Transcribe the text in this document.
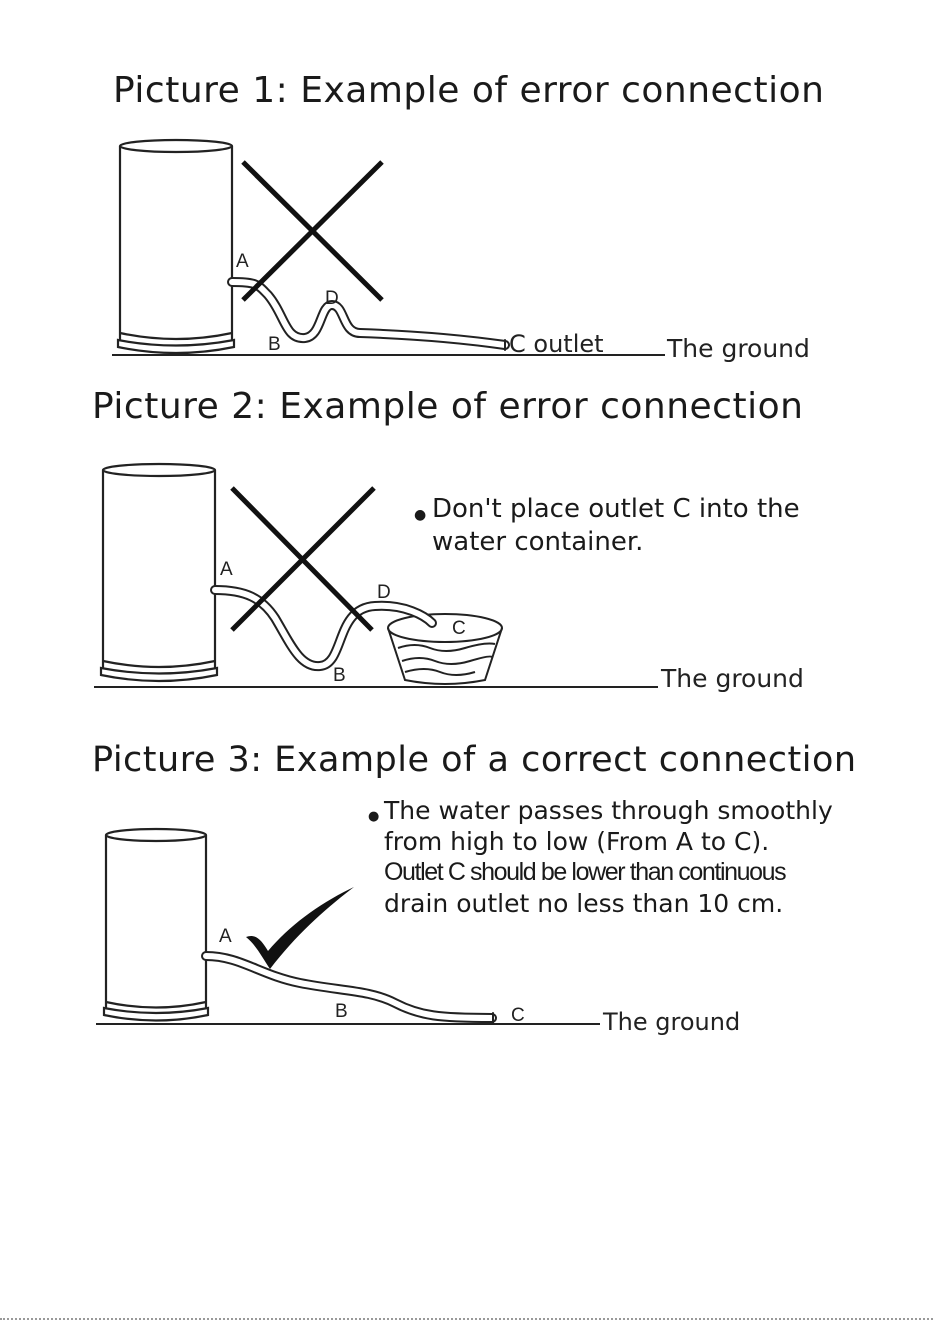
Picture 1: Example of error connection
A
D
B	C outlet	The ground
Picture 2: Example of error connection
A
D
C
B	The ground
● Don't place outlet C into the
water container.
Picture 3: Example of a correct connection
● The water passes through smoothly
from high to low (From A to C).
Outlet C should be lower than continuous
drain outlet no less than 10 cm.
A
B	C	The ground
